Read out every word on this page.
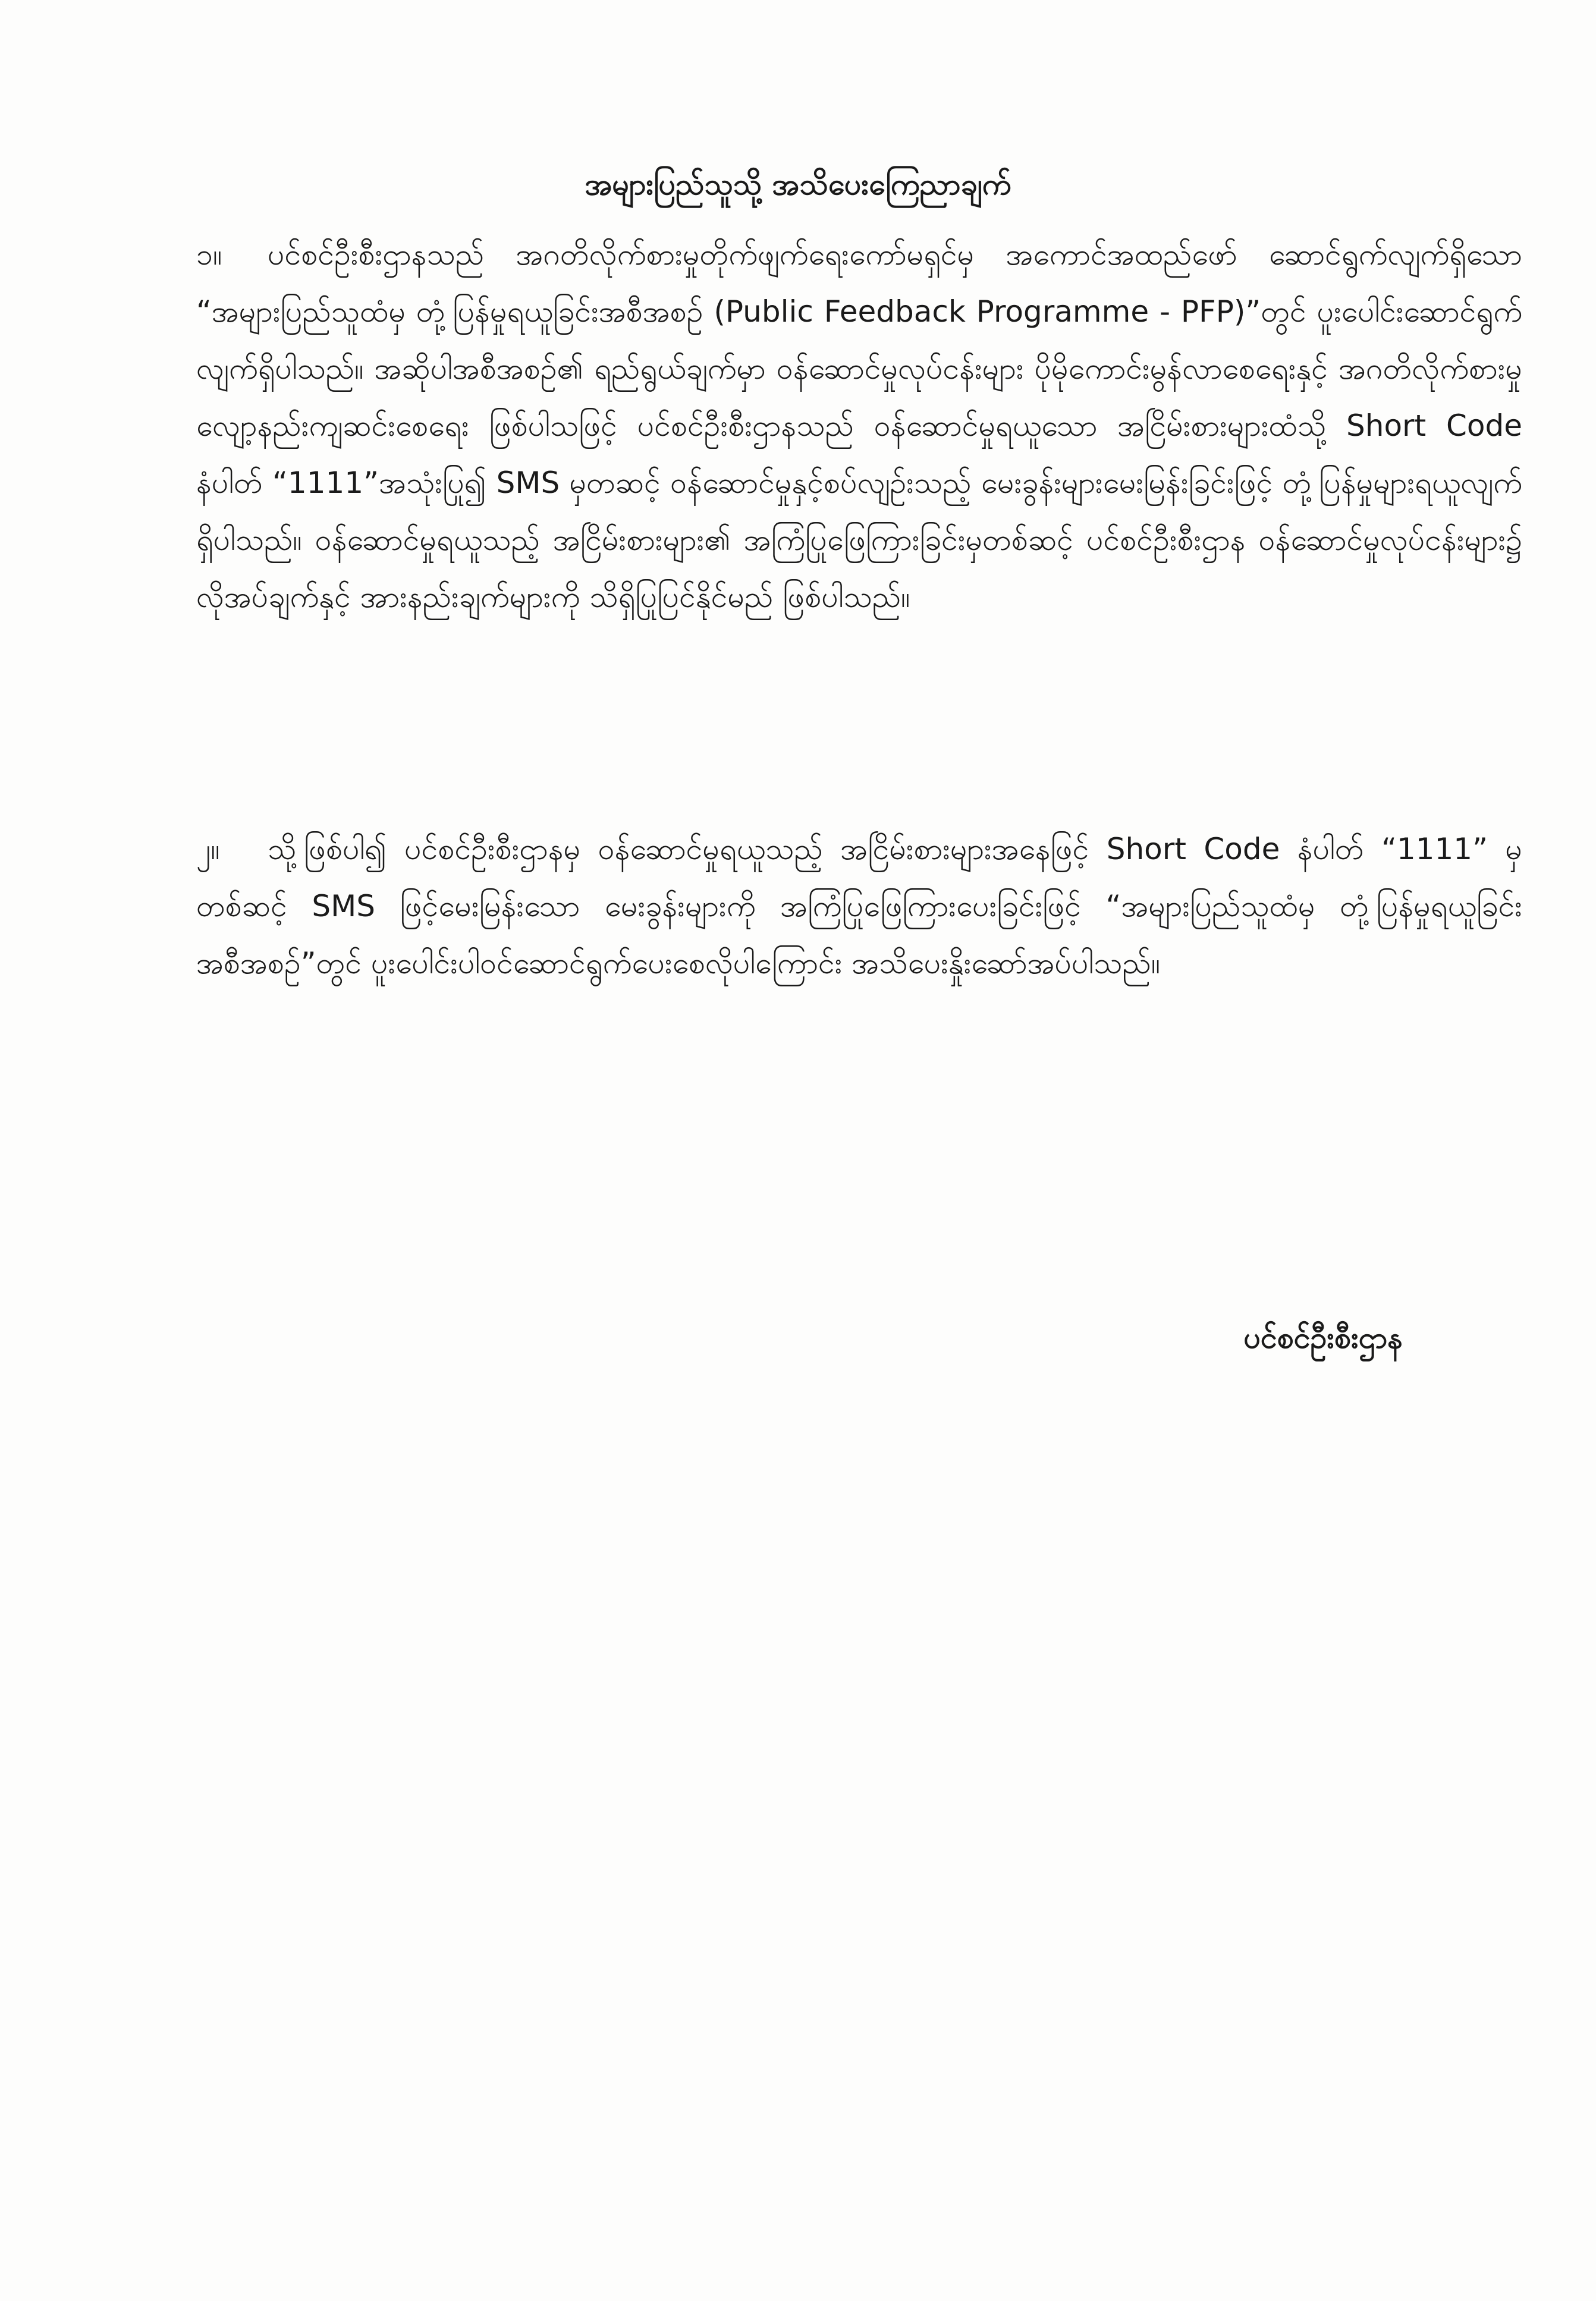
အများပြည်သူသို့ အသိပေးကြေညာချက်
၁။ ပင်စင်ဦးစီးဌာနသည် အဂတိလိုက်စားမှုတိုက်ဖျက်ရေးကော်မရှင်မှ အကောင်အထည်ဖော် ဆောင်ရွက်လျက်ရှိသော “အများပြည်သူထံမှ တုံ့ပြန်မှုရယူခြင်းအစီအစဉ် (Public Feedback Programme - PFP)”တွင် ပူးပေါင်းဆောင်ရွက်လျက်ရှိပါသည်။ အဆိုပါအစီအစဉ်၏ ရည်ရွယ်ချက်မှာ ဝန်ဆောင်မှုလုပ်ငန်းများ ပိုမိုကောင်းမွန်လာစေရေးနှင့် အဂတိလိုက်စားမှု လျော့နည်းကျဆင်းစေရေး ဖြစ်ပါသဖြင့် ပင်စင်ဦးစီးဌာနသည် ဝန်ဆောင်မှုရယူသော အငြိမ်းစားများထံသို့ Short Code နံပါတ် “1111”အသုံးပြု၍ SMS မှတဆင့် ဝန်ဆောင်မှုနှင့်စပ်လျဉ်းသည့် မေးခွန်းများမေးမြန်းခြင်းဖြင့် တုံ့ပြန်မှုများရယူလျက်ရှိပါသည်။ ဝန်ဆောင်မှုရယူသည့် အငြိမ်းစားများ၏ အကြံပြုဖြေကြားခြင်းမှတစ်ဆင့် ပင်စင်ဦးစီးဌာန ဝန်ဆောင်မှုလုပ်ငန်းများ၌ လိုအပ်ချက်နှင့် အားနည်းချက်များကို သိရှိပြုပြင်နိုင်မည် ဖြစ်ပါသည်။
၂။ သို့ဖြစ်ပါ၍ ပင်စင်ဦးစီးဌာနမှ ဝန်ဆောင်မှုရယူသည့် အငြိမ်းစားများအနေဖြင့် Short Code နံပါတ် “1111” မှတစ်ဆင့် SMS ဖြင့်မေးမြန်းသော မေးခွန်းများကို အကြံပြုဖြေကြားပေးခြင်းဖြင့် “အများပြည်သူထံမှ တုံ့ပြန်မှုရယူခြင်းအစီအစဉ်”တွင် ပူးပေါင်းပါဝင်ဆောင်ရွက်ပေးစေလိုပါကြောင်း အသိပေးနှိုးဆော်အပ်ပါသည်။
ပင်စင်ဦးစီးဌာန
